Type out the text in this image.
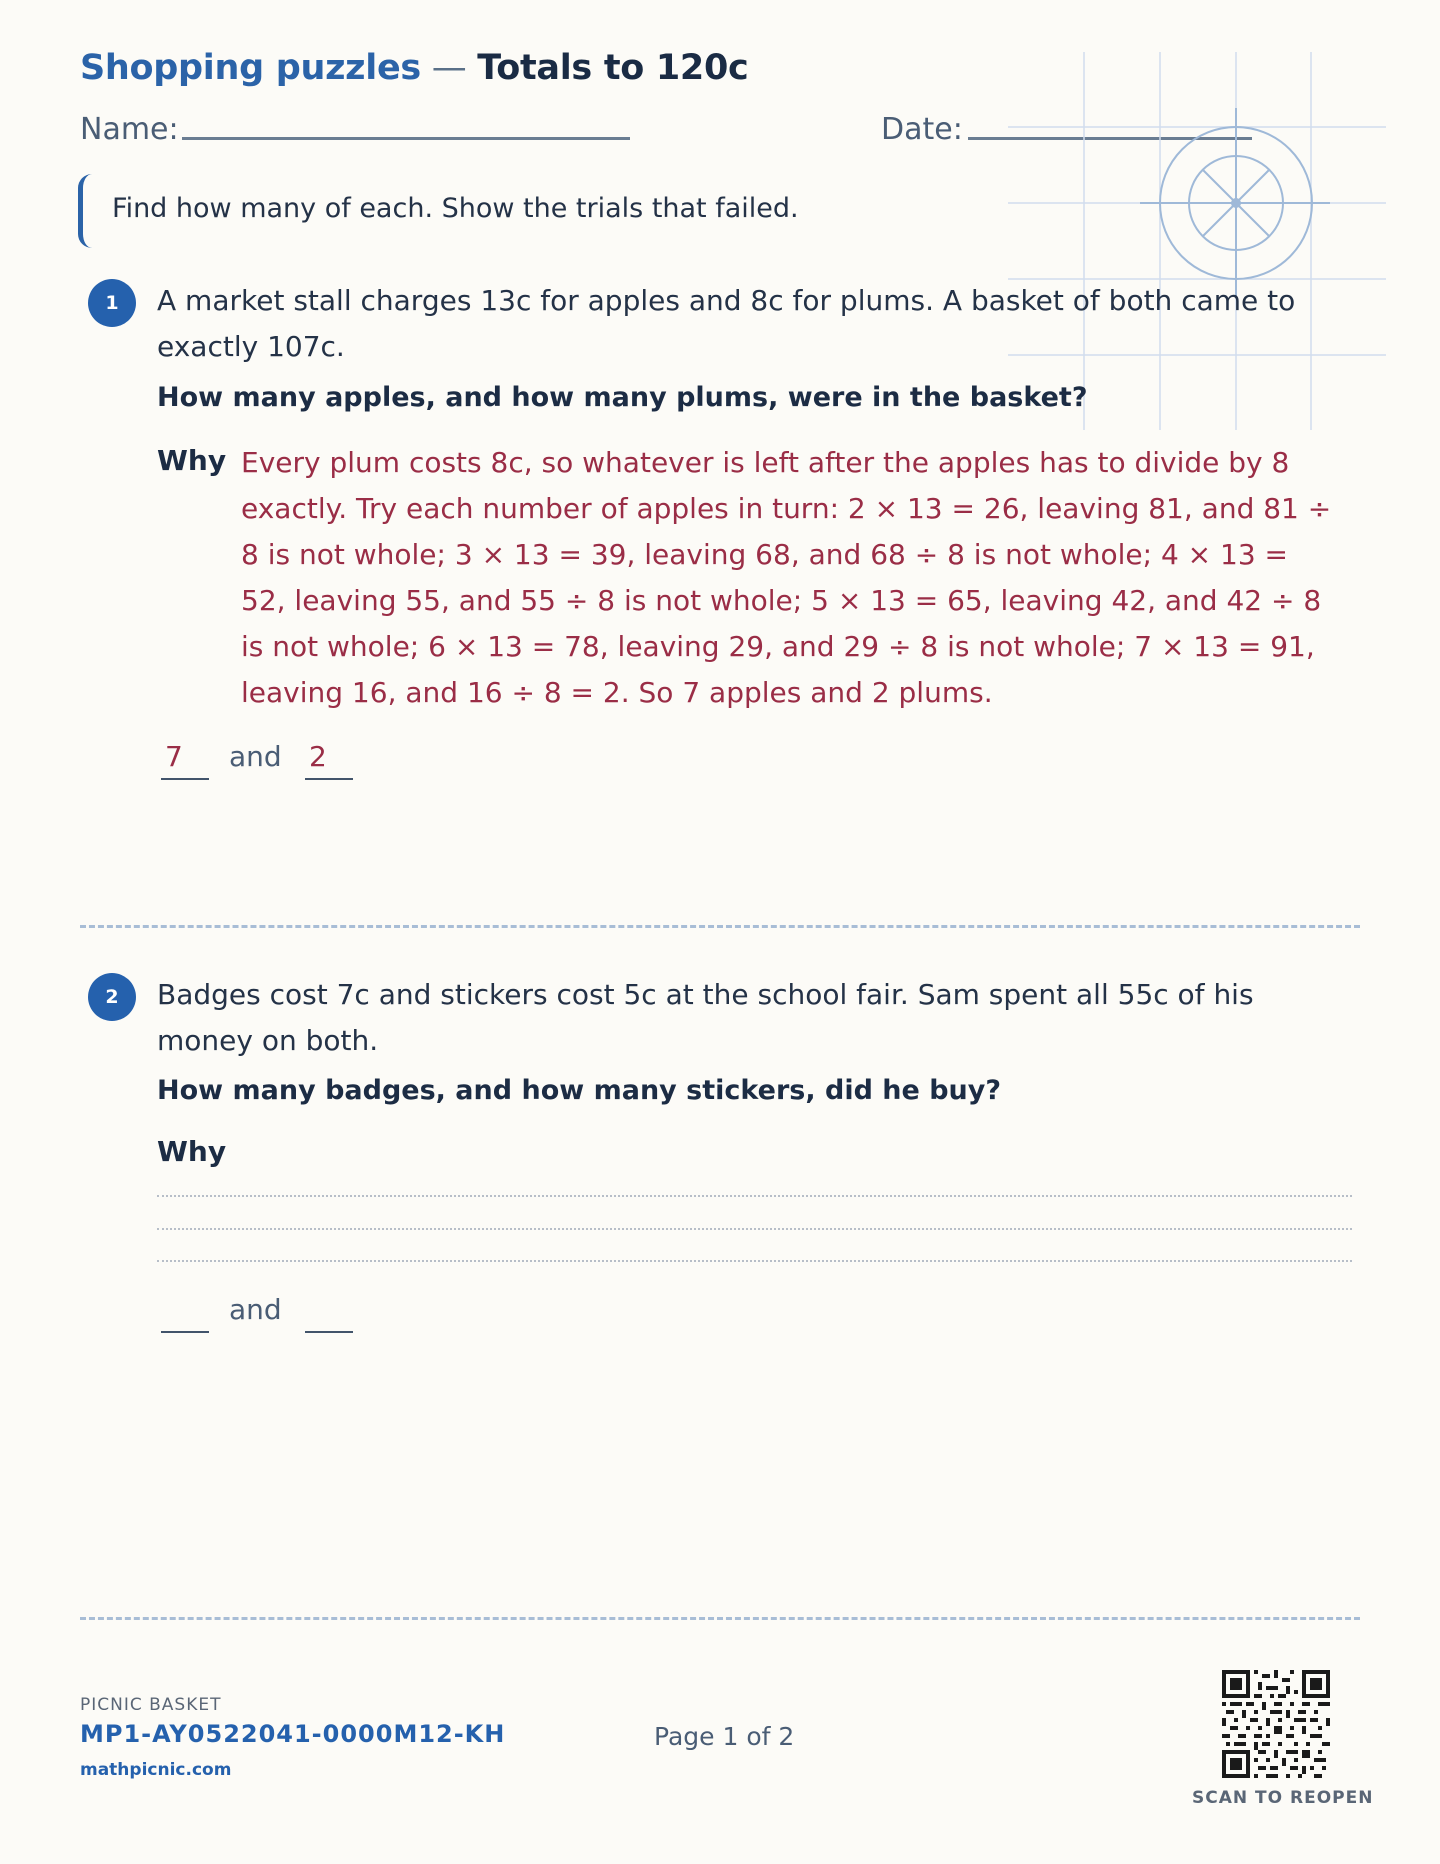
Shopping puzzles — Totals to 120c
Name:	Date:
Find how many of each. Show the trials that failed.
1	A market stall charges 13c for apples and 8c for plums. A basket of both came to exactly 107c.
How many apples, and how many plums, were in the basket?
Why Every plum costs 8c, so whatever is left after the apples has to divide by 8 exactly. Try each number of apples in turn: 2 × 13 = 26, leaving 81, and 81 ÷ 8 is not whole; 3 × 13 = 39, leaving 68, and 68 ÷ 8 is not whole; 4 × 13 = 52, leaving 55, and 55 ÷ 8 is not whole; 5 × 13 = 65, leaving 42, and 42 ÷ 8 is not whole; 6 × 13 = 78, leaving 29, and 29 ÷ 8 is not whole; 7 × 13 = 91, leaving 16, and 16 ÷ 8 = 2. So 7 apples and 2 plums.
7	and 2
2	Badges cost 7c and stickers cost 5c at the school fair. Sam spent all 55c of his money on both.
How many badges, and how many stickers, did he buy?
Why
and
PICNIC BASKET
MP1-AY0522041-0000M12-KH
mathpicnic.com
Page 1 of 2
SCAN TO REOPEN
